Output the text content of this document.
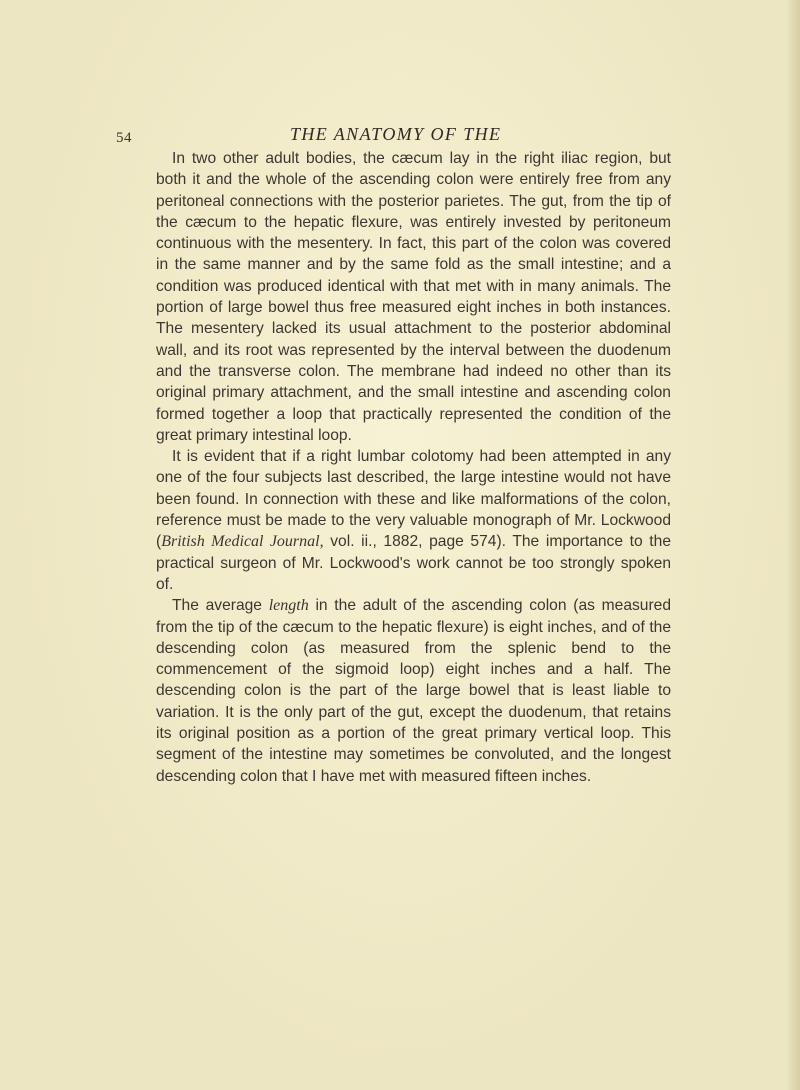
54	THE ANATOMY OF THE

In two other adult bodies, the cæcum lay in the right iliac region, but both it and the whole of the ascending colon were entirely free from any peritoneal connections with the posterior parietes. The gut, from the tip of the cæcum to the hepatic flexure, was entirely invested by peritoneum continuous with the mesentery. In fact, this part of the colon was covered in the same manner and by the same fold as the small intestine; and a condition was produced identical with that met with in many animals. The portion of large bowel thus free measured eight inches in both instances. The mesentery lacked its usual attachment to the posterior abdominal wall, and its root was represented by the interval between the duodenum and the transverse colon. The membrane had indeed no other than its original primary attachment, and the small intestine and ascending colon formed together a loop that practically represented the condition of the great primary intestinal loop.

It is evident that if a right lumbar colotomy had been attempted in any one of the four subjects last described, the large intestine would not have been found. In connection with these and like malformations of the colon, reference must be made to the very valuable monograph of Mr. Lockwood (British Medical Journal, vol. ii., 1882, page 574). The importance to the practical surgeon of Mr. Lockwood's work cannot be too strongly spoken of.

The average length in the adult of the ascending colon (as measured from the tip of the cæcum to the hepatic flexure) is eight inches, and of the descending colon (as measured from the splenic bend to the commencement of the sigmoid loop) eight inches and a half. The descending colon is the part of the large bowel that is least liable to variation. It is the only part of the gut, except the duodenum, that retains its original position as a portion of the great primary vertical loop. This segment of the intestine may sometimes be convoluted, and the longest descending colon that I have met with measured fifteen inches.
